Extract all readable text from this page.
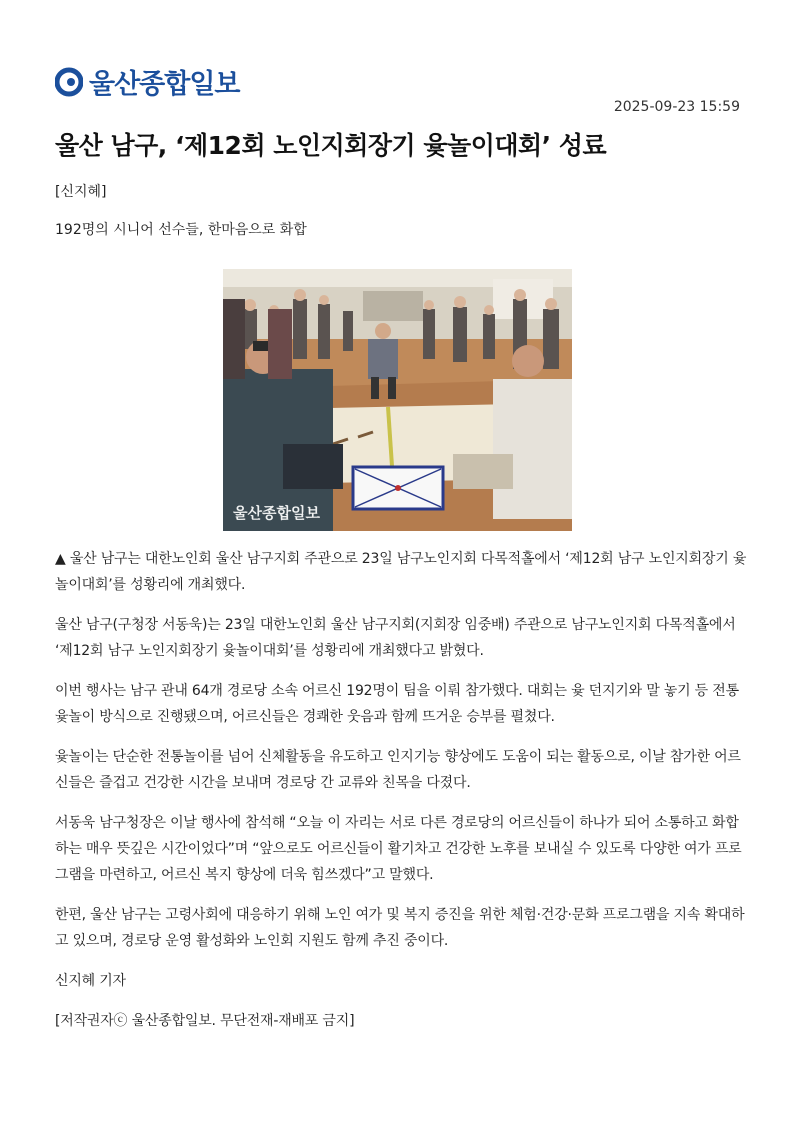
울산종합일보
2025-09-23 15:59
울산 남구, ‘제12회 노인지회장기 윷놀이대회’ 성료
[신지혜]
192명의 시니어 선수들, 한마음으로 화합
울산종합일보

▲ 울산 남구는 대한노인회 울산 남구지회 주관으로 23일 남구노인지회 다목적홀에서 ‘제12회 남구 노인지회장기 윷놀이대회’를 성황리에 개최했다.

울산 남구(구청장 서동욱)는 23일 대한노인회 울산 남구지회(지회장 임중배) 주관으로 남구노인지회 다목적홀에서 ‘제12회 남구 노인지회장기 윷놀이대회’를 성황리에 개최했다고 밝혔다.

이번 행사는 남구 관내 64개 경로당 소속 어르신 192명이 팀을 이뤄 참가했다. 대회는 윷 던지기와 말 놓기 등 전통 윷놀이 방식으로 진행됐으며, 어르신들은 경쾌한 웃음과 함께 뜨거운 승부를 펼쳤다.

윷놀이는 단순한 전통놀이를 넘어 신체활동을 유도하고 인지기능 향상에도 도움이 되는 활동으로, 이날 참가한 어르신들은 즐겁고 건강한 시간을 보내며 경로당 간 교류와 친목을 다졌다.

서동욱 남구청장은 이날 행사에 참석해 “오늘 이 자리는 서로 다른 경로당의 어르신들이 하나가 되어 소통하고 화합하는 매우 뜻깊은 시간이었다”며 “앞으로도 어르신들이 활기차고 건강한 노후를 보내실 수 있도록 다양한 여가 프로그램을 마련하고, 어르신 복지 향상에 더욱 힘쓰겠다”고 말했다.

한편, 울산 남구는 고령사회에 대응하기 위해 노인 여가 및 복지 증진을 위한 체험·건강·문화 프로그램을 지속 확대하고 있으며, 경로당 운영 활성화와 노인회 지원도 함께 추진 중이다.

신지혜 기자

[저작권자ⓒ 울산종합일보. 무단전재-재배포 금지]
